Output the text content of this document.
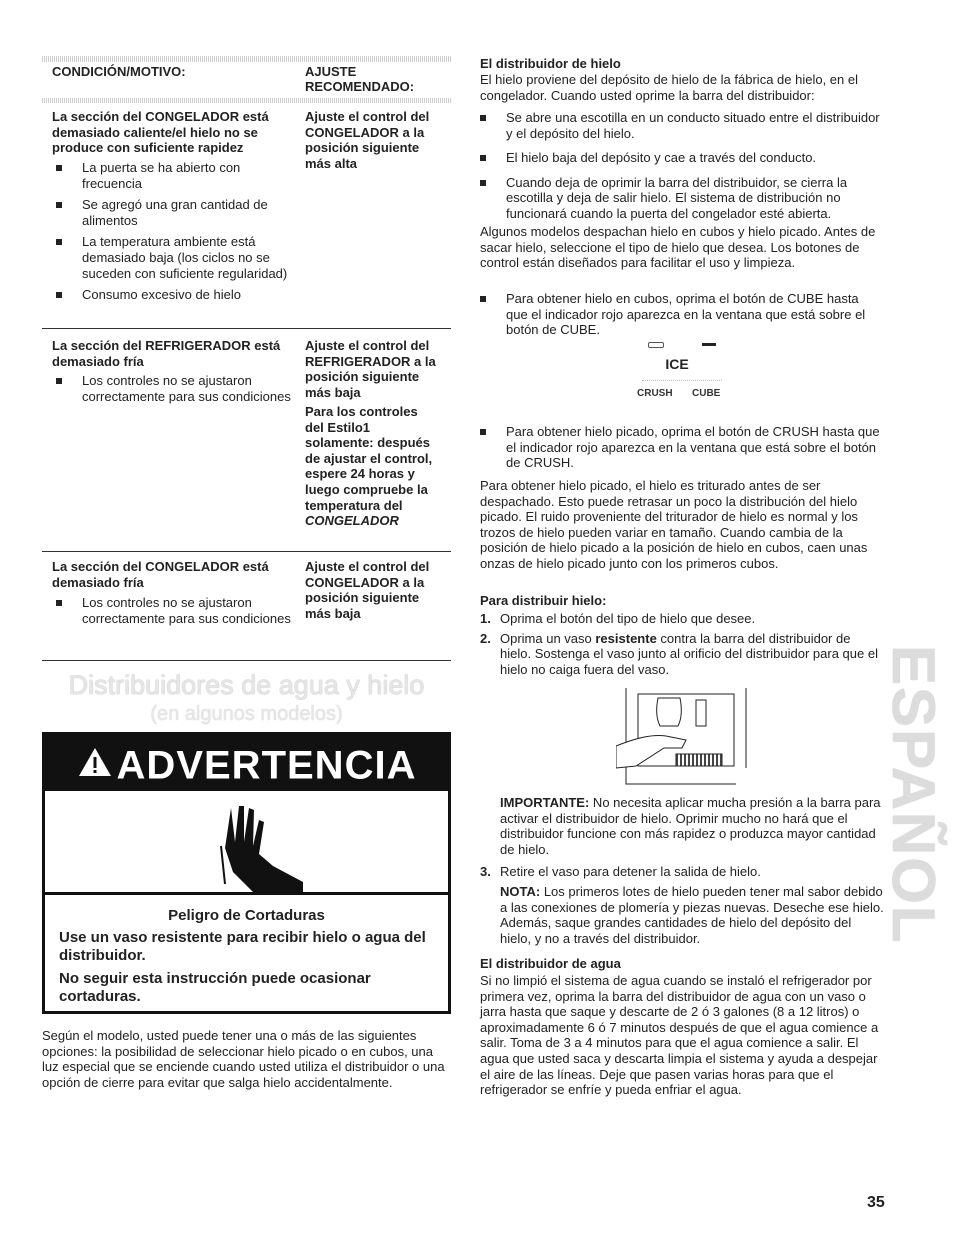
CONDICIÓN/MOTIVO:	AJUSTE
RECOMENDADO:
La sección del CONGELADOR está demasiado caliente/el hielo no se produce con suficiente rapidez
La puerta se ha abierto con frecuencia
Se agregó una gran cantidad de alimentos
La temperatura ambiente está demasiado baja (los ciclos no se suceden con suficiente regularidad)
Consumo excesivo de hielo
Ajuste el control del CONGELADOR a la posición siguiente más alta
La sección del REFRIGERADOR está demasiado fría
Los controles no se ajustaron correctamente para sus condiciones
Ajuste el control del REFRIGERADOR a la posición siguiente más baja
Para los controles del Estilo1 solamente: después de ajustar el control, espere 24 horas y luego compruebe la temperatura del CONGELADOR
La sección del CONGELADOR está demasiado fría
Los controles no se ajustaron correctamente para sus condiciones
Ajuste el control del CONGELADOR a la posición siguiente más baja
Distribuidores de agua y hielo
(en algunos modelos)
ADVERTENCIA
Peligro de Cortaduras
Use un vaso resistente para recibir hielo o agua del distribuidor.
No seguir esta instrucción puede ocasionar cortaduras.
Según el modelo, usted puede tener una o más de las siguientes opciones: la posibilidad de seleccionar hielo picado o en cubos, una luz especial que se enciende cuando usted utiliza el distribuidor o una opción de cierre para evitar que salga hielo accidentalmente.
El distribuidor de hielo
El hielo proviene del depósito de hielo de la fábrica de hielo, en el congelador. Cuando usted oprime la barra del distribuidor:
Se abre una escotilla en un conducto situado entre el distribuidor y el depósito del hielo.
El hielo baja del depósito y cae a través del conducto.
Cuando deja de oprimir la barra del distribuidor, se cierra la escotilla y deja de salir hielo. El sistema de distribución no funcionará cuando la puerta del congelador esté abierta.
Algunos modelos despachan hielo en cubos y hielo picado. Antes de sacar hielo, seleccione el tipo de hielo que desea. Los botones de control están diseñados para facilitar el uso y limpieza.
Para obtener hielo en cubos, oprima el botón de CUBE hasta que el indicador rojo aparezca en la ventana que está sobre el botón de CUBE.
ICE
CRUSH CUBE
Para obtener hielo picado, oprima el botón de CRUSH hasta que el indicador rojo aparezca en la ventana que está sobre el botón de CRUSH.
Para obtener hielo picado, el hielo es triturado antes de ser despachado. Esto puede retrasar un poco la distribución del hielo picado. El ruido proveniente del triturador de hielo es normal y los trozos de hielo pueden variar en tamaño. Cuando cambia de la posición de hielo picado a la posición de hielo en cubos, caen unas onzas de hielo picado junto con los primeros cubos.
Para distribuir hielo:
1. Oprima el botón del tipo de hielo que desee.
2. Oprima un vaso resistente contra la barra del distribuidor de hielo. Sostenga el vaso junto al orificio del distribuidor para que el hielo no caiga fuera del vaso.
IMPORTANTE: No necesita aplicar mucha presión a la barra para activar el distribuidor de hielo. Oprimir mucho no hará que el distribuidor funcione con más rapidez o produzca mayor cantidad de hielo.
3. Retire el vaso para detener la salida de hielo.
NOTA: Los primeros lotes de hielo pueden tener mal sabor debido a las conexiones de plomería y piezas nuevas. Deseche ese hielo. Además, saque grandes cantidades de hielo del depósito del hielo, y no a través del distribuidor.
El distribuidor de agua
Si no limpió el sistema de agua cuando se instaló el refrigerador por primera vez, oprima la barra del distribuidor de agua con un vaso o jarra hasta que saque y descarte de 2 ó 3 galones (8 a 12 litros) o aproximadamente 6 ó 7 minutos después de que el agua comience a salir. Toma de 3 a 4 minutos para que el agua comience a salir. El agua que usted saca y descarta limpia el sistema y ayuda a despejar el aire de las líneas. Deje que pasen varias horas para que el refrigerador se enfríe y pueda enfriar el agua.
ESPAÑOL
35
